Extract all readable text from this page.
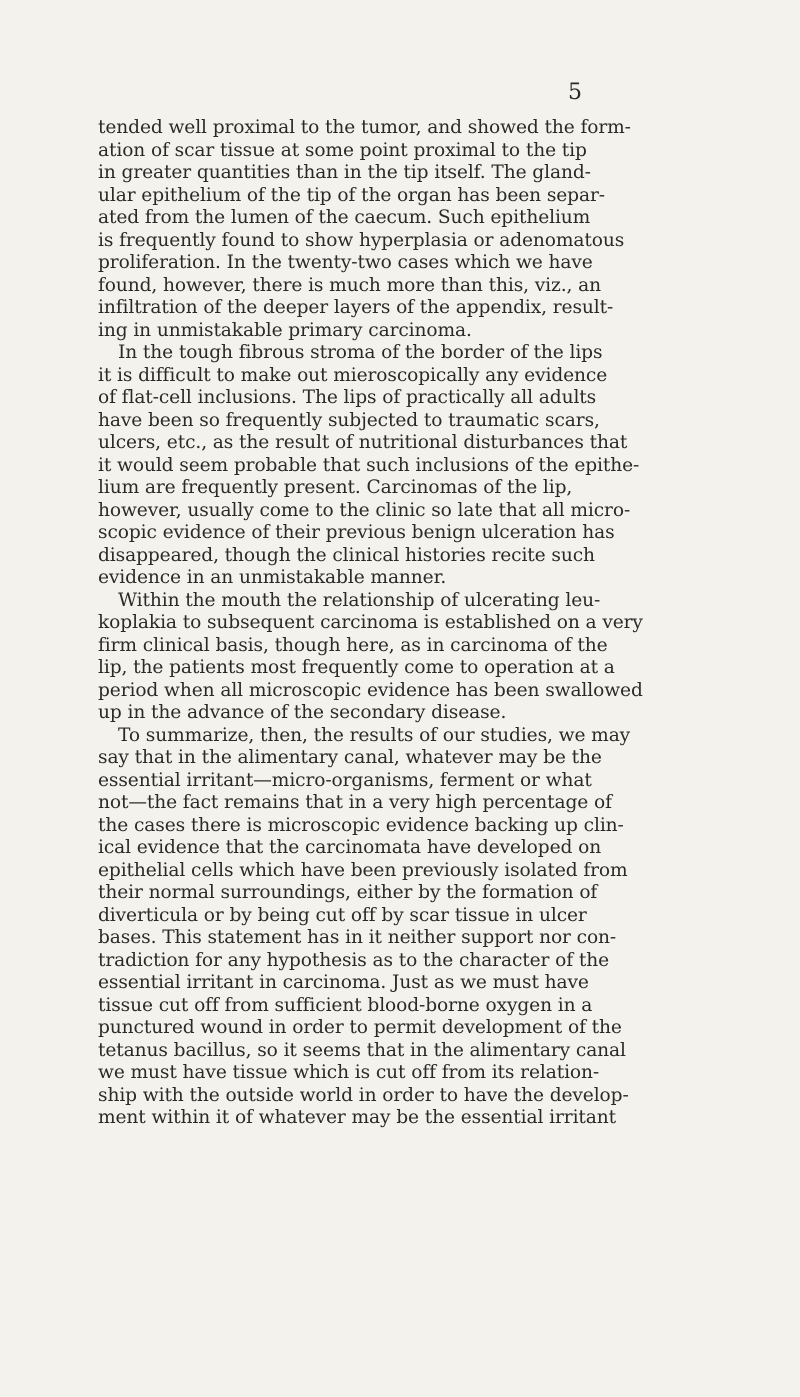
5
tended well proximal to the tumor, and showed the form-
ation of scar tissue at some point proximal to the tip
in greater quantities than in the tip itself. The gland-
ular epithelium of the tip of the organ has been separ-
ated from the lumen of the caecum. Such epithelium
is frequently found to show hyperplasia or adenomatous
proliferation. In the twenty-two cases which we have
found, however, there is much more than this, viz., an
infiltration of the deeper layers of the appendix, result-
ing in unmistakable primary carcinoma.
In the tough fibrous stroma of the border of the lips
it is difficult to make out mieroscopically any evidence
of flat-cell inclusions. The lips of practically all adults
have been so frequently subjected to traumatic scars,
ulcers, etc., as the result of nutritional disturbances that
it would seem probable that such inclusions of the epithe-
lium are frequently present. Carcinomas of the lip,
however, usually come to the clinic so late that all micro-
scopic evidence of their previous benign ulceration has
disappeared, though the clinical histories recite such
evidence in an unmistakable manner.
Within the mouth the relationship of ulcerating leu-
koplakia to subsequent carcinoma is established on a very
firm clinical basis, though here, as in carcinoma of the
lip, the patients most frequently come to operation at a
period when all microscopic evidence has been swallowed
up in the advance of the secondary disease.
To summarize, then, the results of our studies, we may
say that in the alimentary canal, whatever may be the
essential irritant—micro-organisms, ferment or what
not—the fact remains that in a very high percentage of
the cases there is microscopic evidence backing up clin-
ical evidence that the carcinomata have developed on
epithelial cells which have been previously isolated from
their normal surroundings, either by the formation of
diverticula or by being cut off by scar tissue in ulcer
bases. This statement has in it neither support nor con-
tradiction for any hypothesis as to the character of the
essential irritant in carcinoma. Just as we must have
tissue cut off from sufficient blood-borne oxygen in a
punctured wound in order to permit development of the
tetanus bacillus, so it seems that in the alimentary canal
we must have tissue which is cut off from its relation-
ship with the outside world in order to have the develop-
ment within it of whatever may be the essential irritant
